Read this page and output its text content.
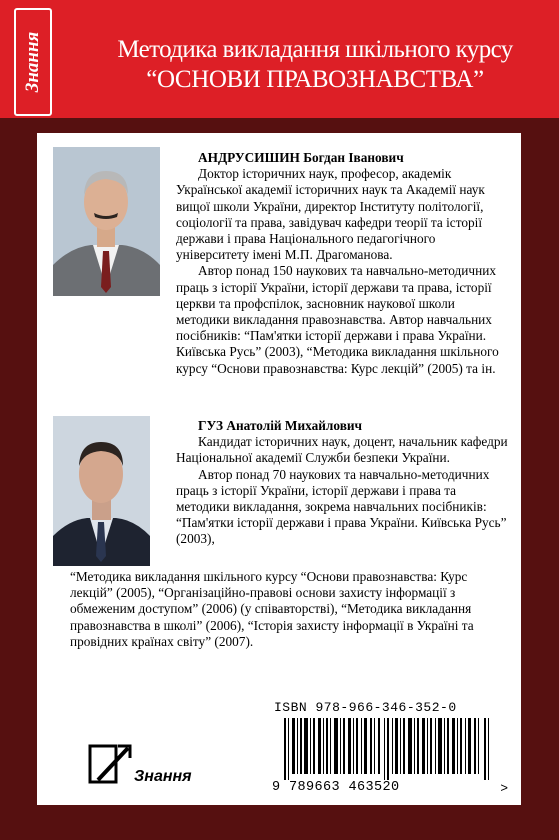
Знання	Методика викладання шкільного курсу
“ОСНОВИ ПРАВОЗНАВСТВА”

АНДРУСИШИН Богдан Іванович

Доктор історичних наук, професор, академік Української академії історичних наук та Академії наук вищої школи України, директор Інституту політології, соціології та права, завідувач кафедри теорії та історії держави і права Національного педагогічного університету імені М.П. Драгоманова.

Автор понад 150 наукових та навчально-методичних праць з історії України, історії держави та права, історії церкви та профспілок, засновник наукової школи методики викладання правознавства. Автор навчальних посібників: “Пам'ятки історії держави і права України. Київська Русь” (2003), “Методика викладання шкільного курсу “Основи правознавства: Курс лекцій” (2005) та ін.

ГУЗ Анатолій Михайлович

Кандидат історичних наук, доцент, начальник кафедри Національної академії Служби безпеки України.

Автор понад 70 наукових та навчально-методичних праць з історії України, історії держави і права та методики викладання, зокрема навчальних посібників: “Пам'ятки історії держави і права України. Київська Русь” (2003),

“Методика викладання шкільного курсу “Основи правознавства: Курс лекцій” (2005), “Організаційно-правові основи захисту інформації з обмеженим доступом” (2006) (у співавторстві), “Методика викладання правознавства в школі” (2006), “Історія захисту інформації в Україні та провідних країнах світу” (2007).

ISBN 978-966-346-352-0
9 789663 463520	>
Знання
